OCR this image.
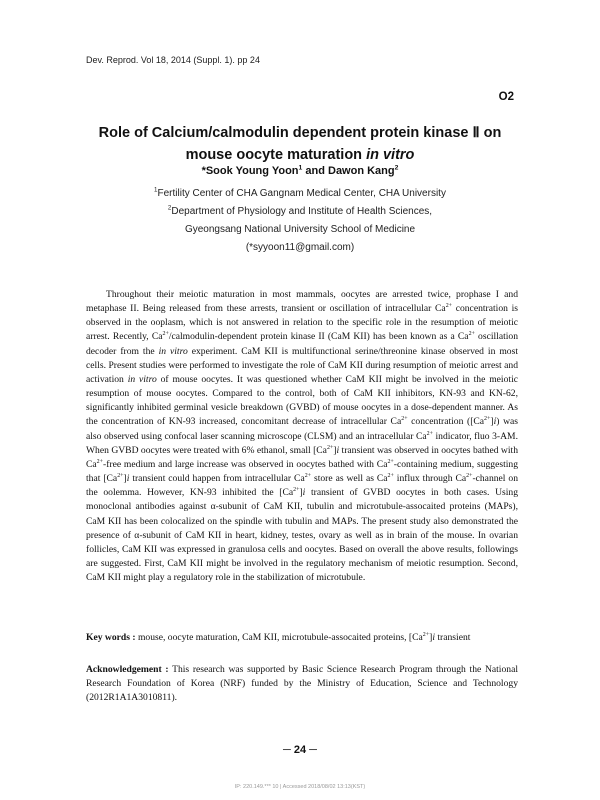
Dev. Reprod. Vol 18, 2014 (Suppl. 1). pp 24
O2
Role of Calcium/calmodulin dependent protein kinase Ⅱ on
mouse oocyte maturation in vitro
*Sook Young Yoon$^1$ and Dawon Kang$^2$
$^1$Fertility Center of CHA Gangnam Medical Center, CHA University
$^2$Department of Physiology and Institute of Health Sciences,
Gyeongsang National University School of Medicine
(*syyoon11@gmail.com)

Throughout their meiotic maturation in most mammals, oocytes are arrested twice, prophase I and metaphase II. Being released from these arrests, transient or oscillation of intracellular $Ca^{2+}$ concentration is observed in the ooplasm, which is not answered in relation to the specific role in the resumption of meiotic arrest. Recently, $Ca^{2+}/calmodulin$-dependent protein kinase II (CaM KII) has been known as a $Ca^{2+}$ oscillation decoder from the in vitro experiment. CaM KII is multifunctional serine/threonine kinase observed in most cells. Present studies were performed to investigate the role of CaM KII during resumption of meiotic arrest and activation in vitro of mouse oocytes. It was questioned whether CaM KII might be involved in the meiotic resumption of mouse oocytes. Compared to the control, both of CaM KII inhibitors, KN-93 and KN-62, significantly inhibited germinal vesicle breakdown (GVBD) of mouse oocytes in a dose-dependent manner. As the concentration of KN-93 increased, concomitant decrease of intracellular $Ca^{2+}$ concentration $([Ca^{2+}]i)$ was also observed using confocal laser scanning microscope (CLSM) and an intracellular $Ca^{2+}$ indicator, fluo 3-AM. When GVBD oocytes were treated with 6% ethanol, small $[Ca^{2+}]i$ transient was observed in oocytes bathed with $Ca^{2+}$-free medium and large increase was observed in oocytes bathed with $Ca^{2+}$-containing medium, suggesting that $[Ca^{2+}]i$ transient could happen from intracellular $Ca^{2+}$ store as well as $Ca^{2+}$ influx through $Ca^{2+}$-channel on the oolemma. However, KN-93 inhibited the $[Ca^{2+}]i$ transient of GVBD oocytes in both cases. Using monoclonal antibodies against α-subunit of CaM KII, tubulin and microtubule-assocaited proteins (MAPs), CaM KII has been colocalized on the spindle with tubulin and MAPs. The present study also demonstrated the presence of α-subunit of CaM KII in heart, kidney, testes, ovary as well as in brain of the mouse. In ovarian follicles, CaM KII was expressed in granulosa cells and oocytes. Based on overall the above results, followings are suggested. First, CaM KII might be involved in the regulatory mechanism of meiotic resumption. Second, CaM KII might play a regulatory role in the stabilization of microtubule.

Key words : mouse, oocyte maturation, CaM KII, microtubule-assocaited proteins, $[Ca^{2+}]i$ transient

Acknowledgement : This research was supported by Basic Science Research Program through the National Research Foundation of Korea (NRF) funded by the Ministry of Education, Science and Technology (2012R1A1A3010811).

─ 24 ─
IP: 220.149.*** 10 | Accessed 2018/08/02 13:13(KST)
